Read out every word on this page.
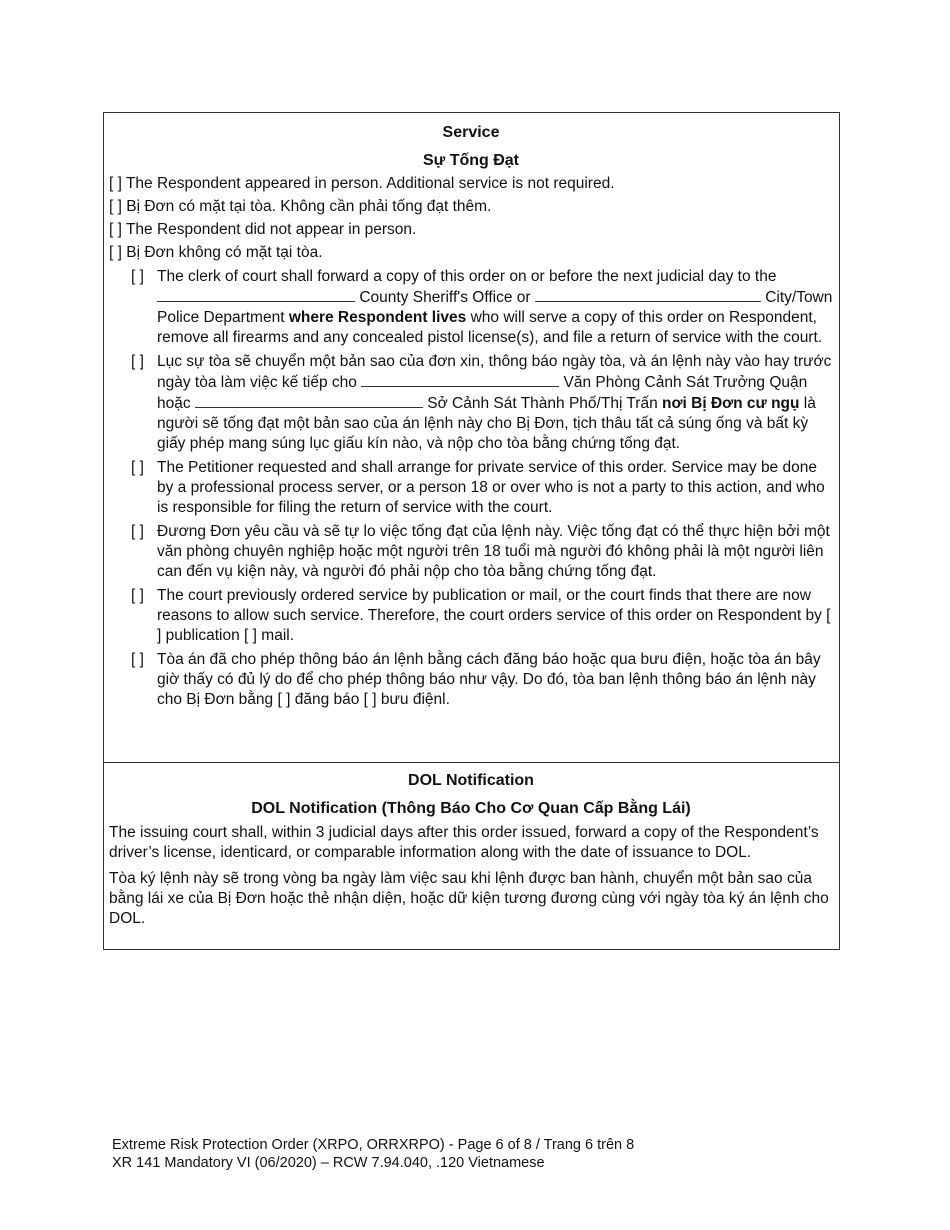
Service
Sự Tống Đạt
[ ] The Respondent appeared in person. Additional service is not required.
[ ] Bị Đơn có mặt tại tòa. Không cần phải tống đạt thêm.
[ ] The Respondent did not appear in person.
[ ] Bị Đơn không có mặt tại tòa.
[ ] The clerk of court shall forward a copy of this order on or before the next judicial day to the  County Sheriff's Office or	City/Town Police Department where Respondent lives who will serve a copy of this order on Respondent, remove all firearms and any concealed pistol license(s), and file a return of service with the court.
[ ] Lục sự tòa sẽ chuyển một bản sao của đơn xin, thông báo ngày tòa, và án lệnh này vào hay trước ngày tòa làm việc kế tiếp cho	Văn Phòng Cảnh Sát Trưởng Quận hoặc	Sở Cảnh Sát Thành Phố/Thị Trấn nơi Bị Đơn cư ngụ là người sẽ tống đạt một bản sao của án lệnh này cho Bị Đơn, tịch thâu tất cả súng ống và bất kỳ giấy phép mang súng lục giấu kín nào, và nộp cho tòa bằng chứng tống đạt.
[ ] The Petitioner requested and shall arrange for private service of this order. Service may be done by a professional process server, or a person 18 or over who is not a party to this action, and who is responsible for filing the return of service with the court.
[ ] Đương Đơn yêu cầu và sẽ tự lo việc tống đạt của lệnh này. Việc tống đạt có thể thực hiện bởi một văn phòng chuyên nghiệp hoặc một người trên 18 tuổi mà người đó không phải là một người liên can đến vụ kiện này, và người đó phải nộp cho tòa bằng chứng tống đạt.
[ ] The court previously ordered service by publication or mail, or the court finds that there are now reasons to allow such service. Therefore, the court orders service of this order on Respondent by [ ] publication [ ] mail.
[ ] Tòa án đã cho phép thông báo án lệnh bằng cách đăng báo hoặc qua bưu điện, hoặc tòa án bây giờ thấy có đủ lý do để cho phép thông báo như vậy. Do đó, tòa ban lệnh thông báo án lệnh này cho Bị Đơn bằng [ ] đăng báo [ ] bưu điệnl.
DOL Notification
DOL Notification (Thông Báo Cho Cơ Quan Cấp Bằng Lái)
The issuing court shall, within 3 judicial days after this order issued, forward a copy of the Respondent’s driver’s license, identicard, or comparable information along with the date of issuance to DOL.
Tòa ký lệnh này sẽ trong vòng ba ngày làm việc sau khi lệnh được ban hành, chuyển một bản sao của bằng lái xe của Bị Đơn hoặc thẻ nhận diện, hoặc dữ kiện tương đương cùng với ngày tòa ký án lệnh cho DOL.
Extreme Risk Protection Order (XRPO, ORRXRPO) - Page 6 of 8 / Trang 6 trên 8
XR 141 Mandatory VI (06/2020) – RCW 7.94.040, .120 Vietnamese
